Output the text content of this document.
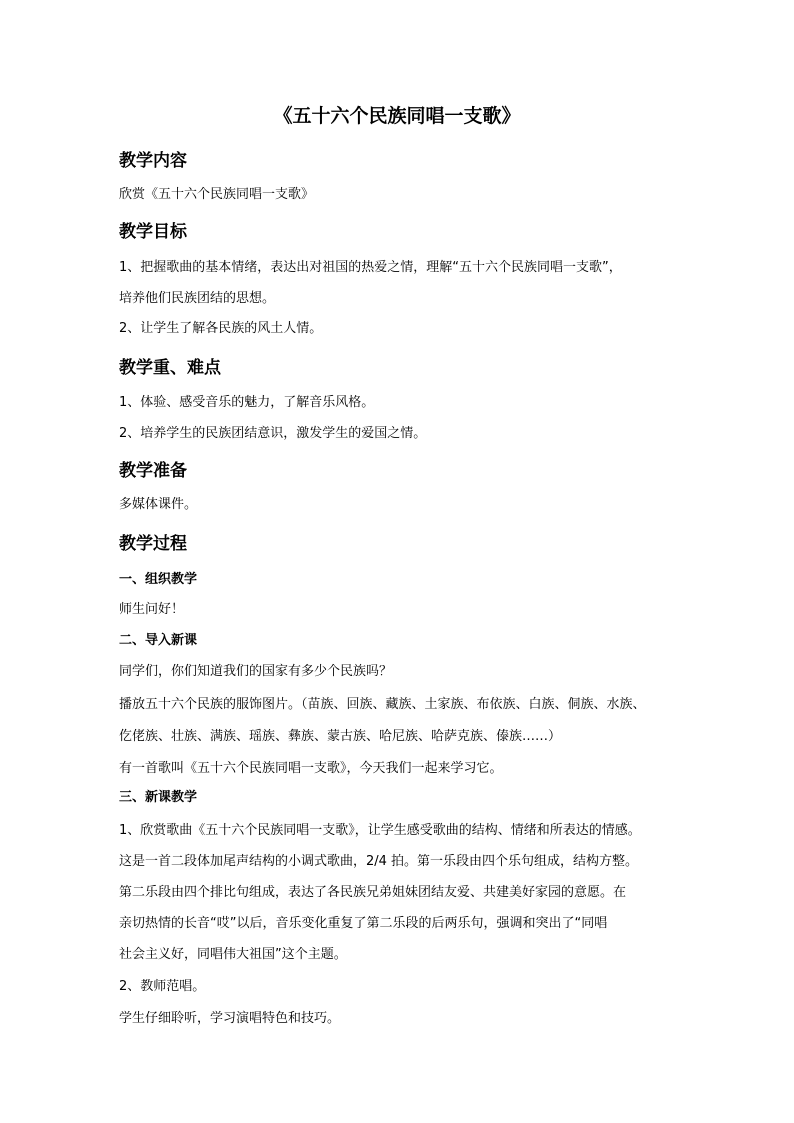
《五十六个民族同唱一支歌》
教学内容
欣赏《五十六个民族同唱一支歌》
教学目标
1、把握歌曲的基本情绪，表达出对祖国的热爱之情，理解“五十六个民族同唱一支歌”，
培养他们民族团结的思想。
2、让学生了解各民族的风土人情。
教学重、难点
1、体验、感受音乐的魅力，了解音乐风格。
2、培养学生的民族团结意识，激发学生的爱国之情。
教学准备
多媒体课件。
教学过程
一、组织教学
师生问好！
二、导入新课
同学们，你们知道我们的国家有多少个民族吗？
播放五十六个民族的服饰图片。（苗族、回族、藏族、土家族、布依族、白族、侗族、水族、
仡佬族、壮族、满族、瑶族、彝族、蒙古族、哈尼族、哈萨克族、傣族……）
有一首歌叫《五十六个民族同唱一支歌》，今天我们一起来学习它。
三、新课教学
1、欣赏歌曲《五十六个民族同唱一支歌》，让学生感受歌曲的结构、情绪和所表达的情感。
这是一首二段体加尾声结构的小调式歌曲，2/4 拍。第一乐段由四个乐句组成，结构方整。
第二乐段由四个排比句组成，表达了各民族兄弟姐妹团结友爱、共建美好家园的意愿。在
亲切热情的长音“哎”以后，音乐变化重复了第二乐段的后两乐句，强调和突出了“同唱
社会主义好，同唱伟大祖国”这个主题。
2、教师范唱。
学生仔细聆听，学习演唱特色和技巧。
